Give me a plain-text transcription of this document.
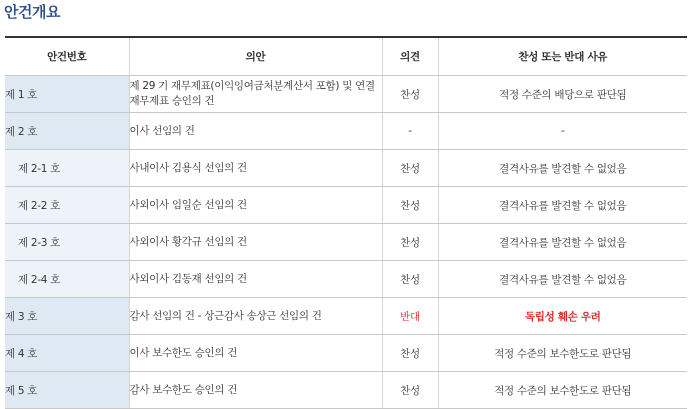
안건개요
안건번호	의안	의견	찬성 또는 반대 사유
제 1 호	제 29 기 재무제표(이익잉여금처분계산서 포함) 및 연결재무제표 승인의 건	찬성	적정 수준의 배당으로 판단됨
제 2 호	이사 선임의 건	-	-
제 2-1 호	사내이사 김용식 선임의 건	찬성	결격사유를 발견할 수 없었음
제 2-2 호	사외이사 임일순 선임의 건	찬성	결격사유를 발견할 수 없었음
제 2-3 호	사외이사 황각규 선임의 건	찬성	결격사유를 발견할 수 없었음
제 2-4 호	사외이사 김동재 선임의 건	찬성	결격사유를 발견할 수 없었음
제 3 호	감사 선임의 건 - 상근감사 송상근 선임의 건	반대	독립성 훼손 우려
제 4 호	이사 보수한도 승인의 건	찬성	적정 수준의 보수한도로 판단됨
제 5 호	감사 보수한도 승인의 건	찬성	적정 수준의 보수한도로 판단됨
